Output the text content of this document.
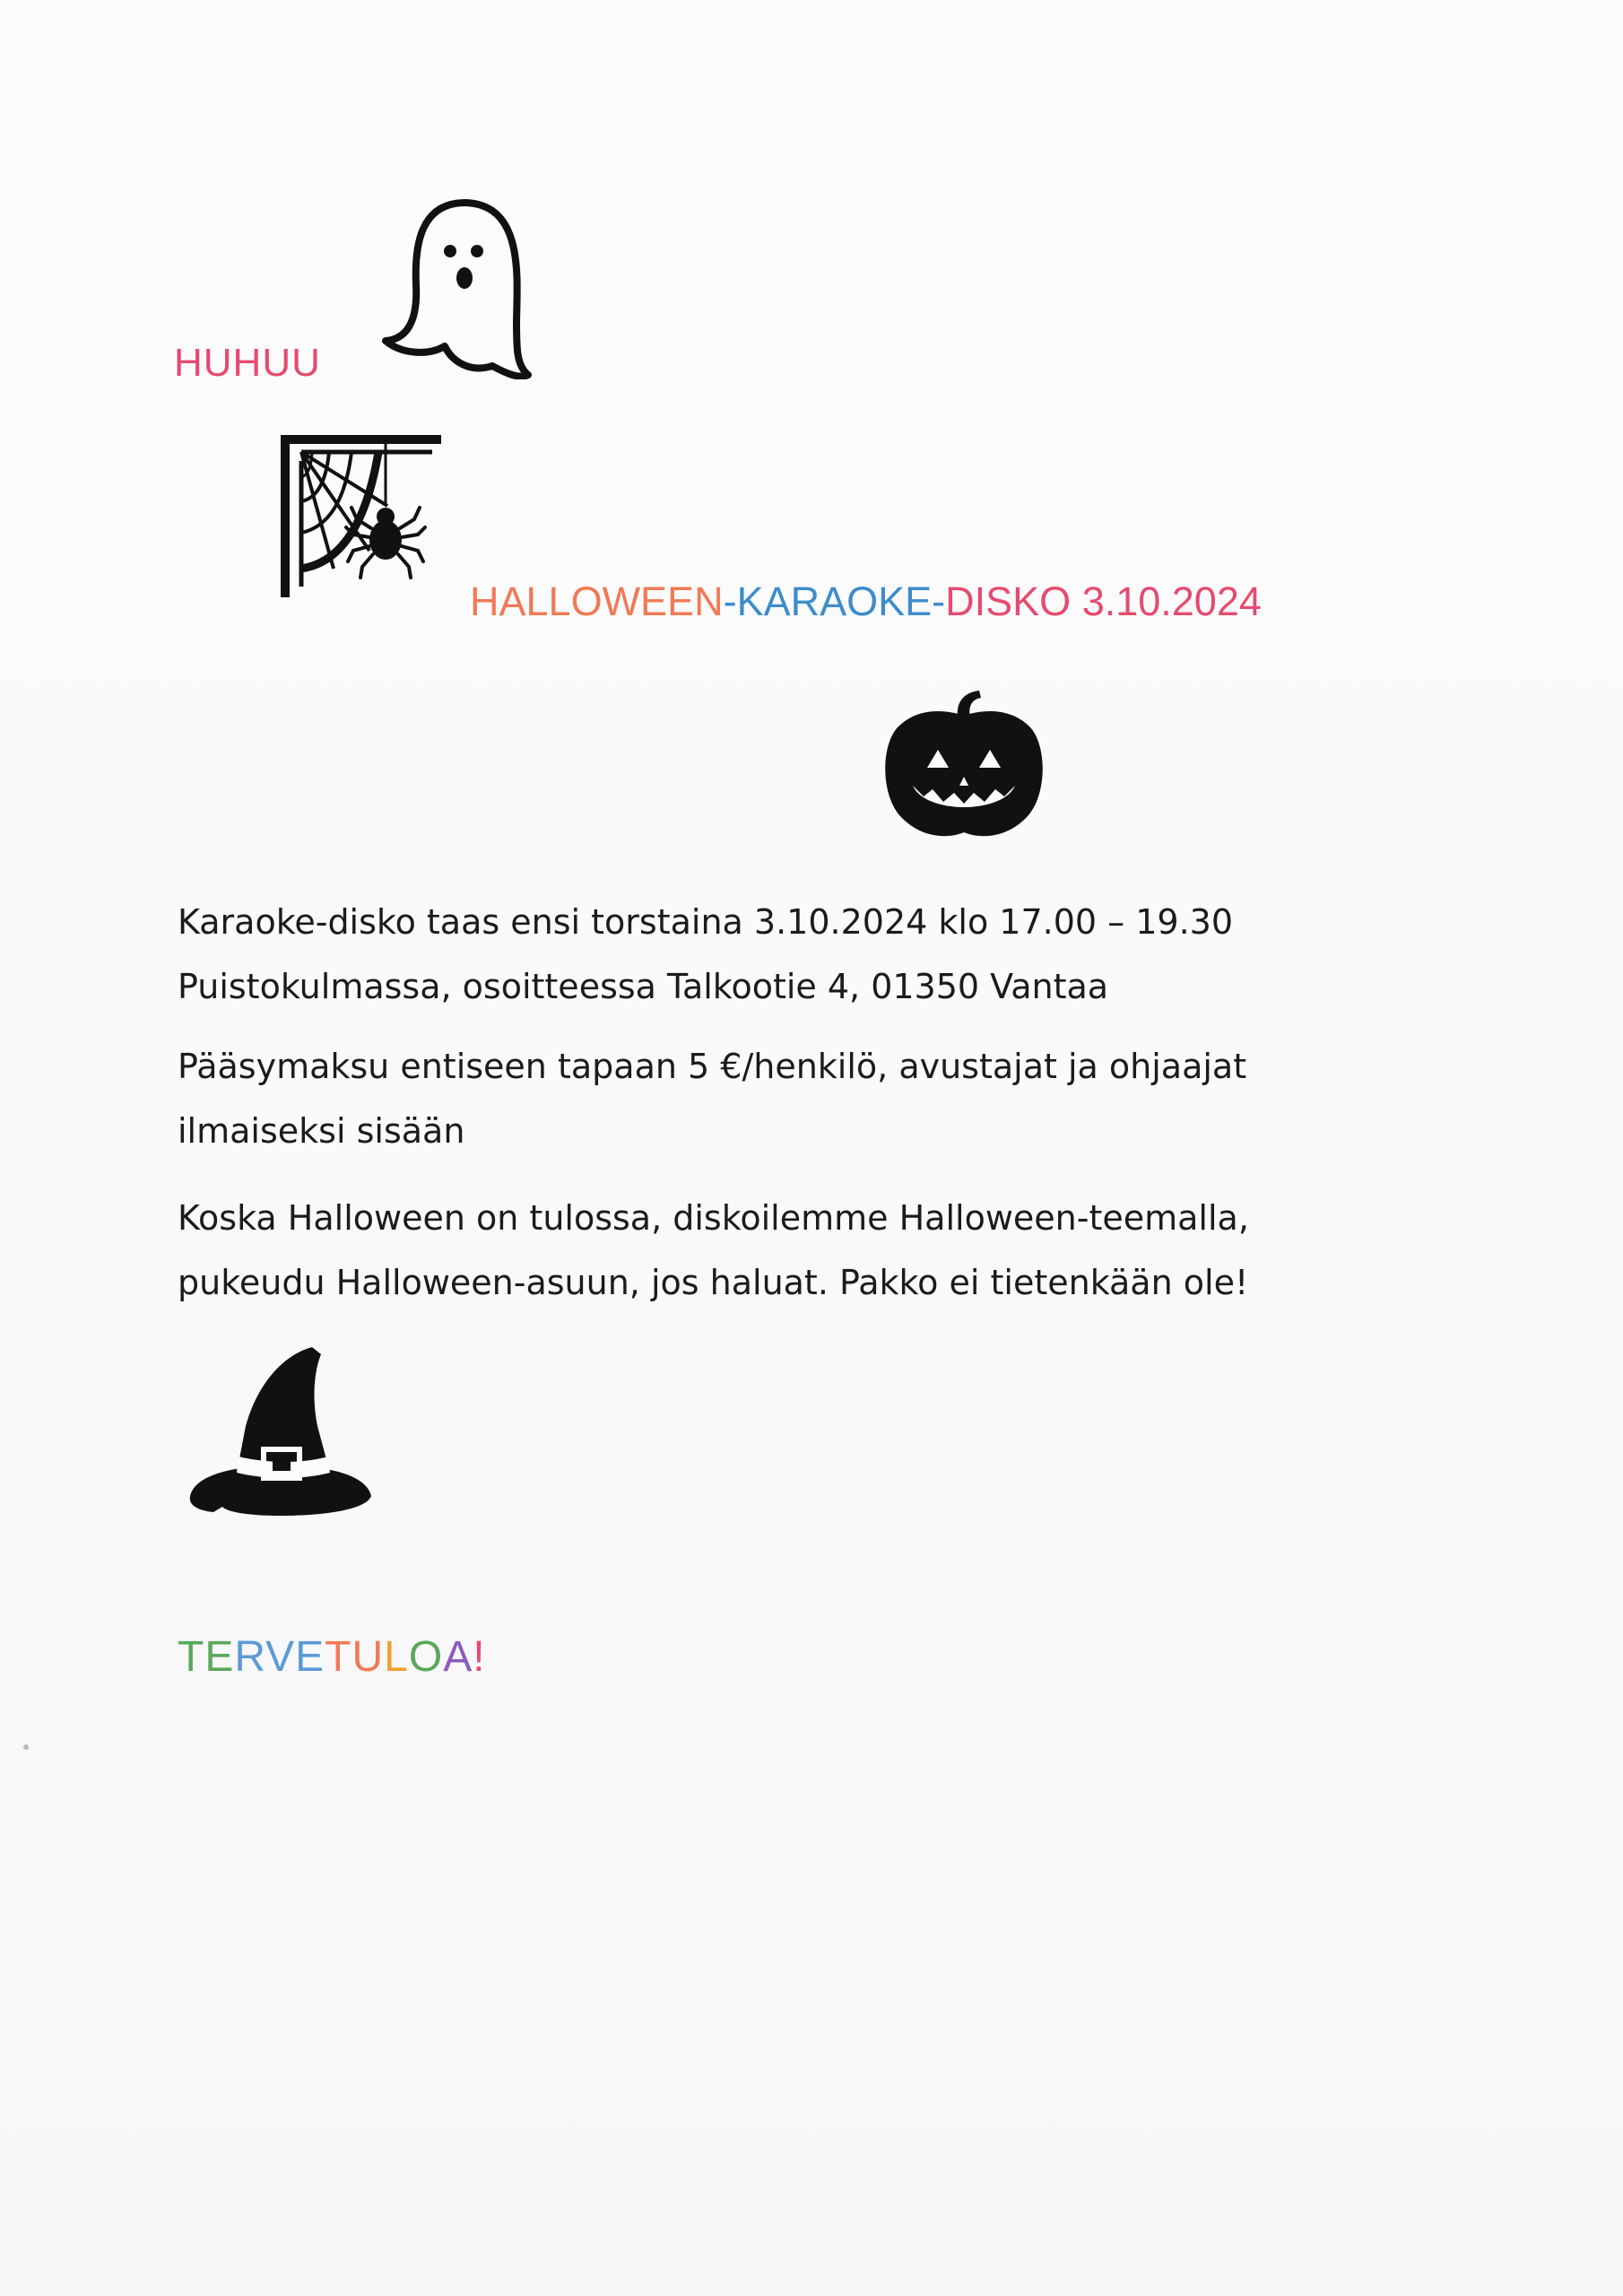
HUHUU
HALLOWEEN-KARAOKE-DISKO 3.10.2024
Karaoke-disko taas ensi torstaina 3.10.2024 klo 17.00 – 19.30
Puistokulmassa, osoitteessa Talkootie 4, 01350 Vantaa
Pääsymaksu entiseen tapaan 5 €/henkilö, avustajat ja ohjaajat
ilmaiseksi sisään
Koska Halloween on tulossa, diskoilemme Halloween-teemalla,
pukeudu Halloween-asuun, jos haluat. Pakko ei tietenkään ole!
TERVETULOA!
